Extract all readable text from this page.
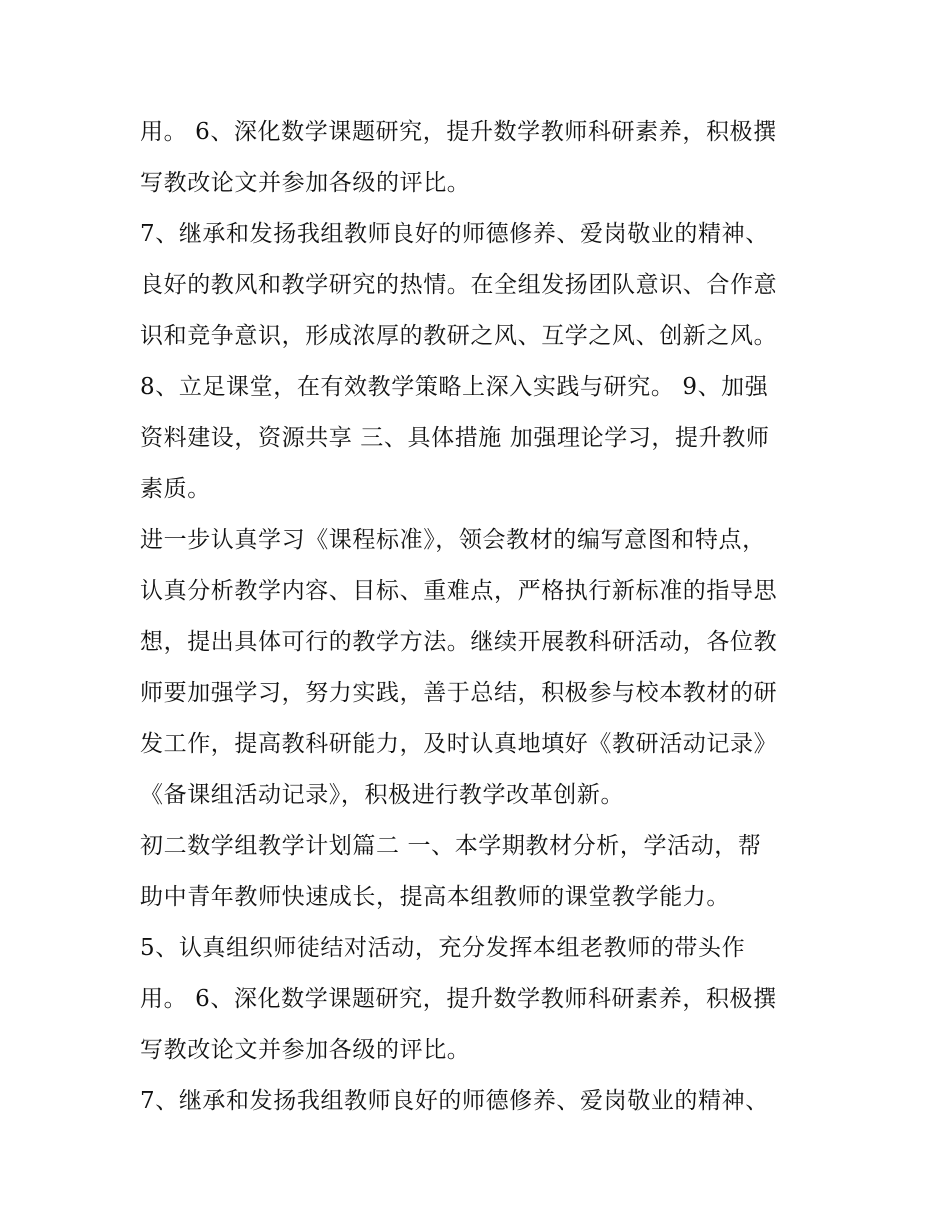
用。 6、深化数学课题研究，提升数学教师科研素养，积极撰
写教改论文并参加各级的评比。
7、继承和发扬我组教师良好的师德修养、爱岗敬业的精神、
良好的教风和教学研究的热情。在全组发扬团队意识、合作意
识和竞争意识，形成浓厚的教研之风、互学之风、创新之风。
8、立足课堂，在有效教学策略上深入实践与研究。 9、加强
资料建设，资源共享 三、具体措施 加强理论学习，提升教师
素质。
进一步认真学习《课程标准》，领会教材的编写意图和特点，
认真分析教学内容、目标、重难点，严格执行新标准的指导思
想，提出具体可行的教学方法。继续开展教科研活动，各位教
师要加强学习，努力实践，善于总结，积极参与校本教材的研
发工作，提高教科研能力，及时认真地填好《教研活动记录》
《备课组活动记录》，积极进行教学改革创新。
初二数学组教学计划篇二 一、本学期教材分析，学活动，帮
助中青年教师快速成长，提高本组教师的课堂教学能力。
5、认真组织师徒结对活动，充分发挥本组老教师的带头作
用。 6、深化数学课题研究，提升数学教师科研素养，积极撰
写教改论文并参加各级的评比。
7、继承和发扬我组教师良好的师德修养、爱岗敬业的精神、
